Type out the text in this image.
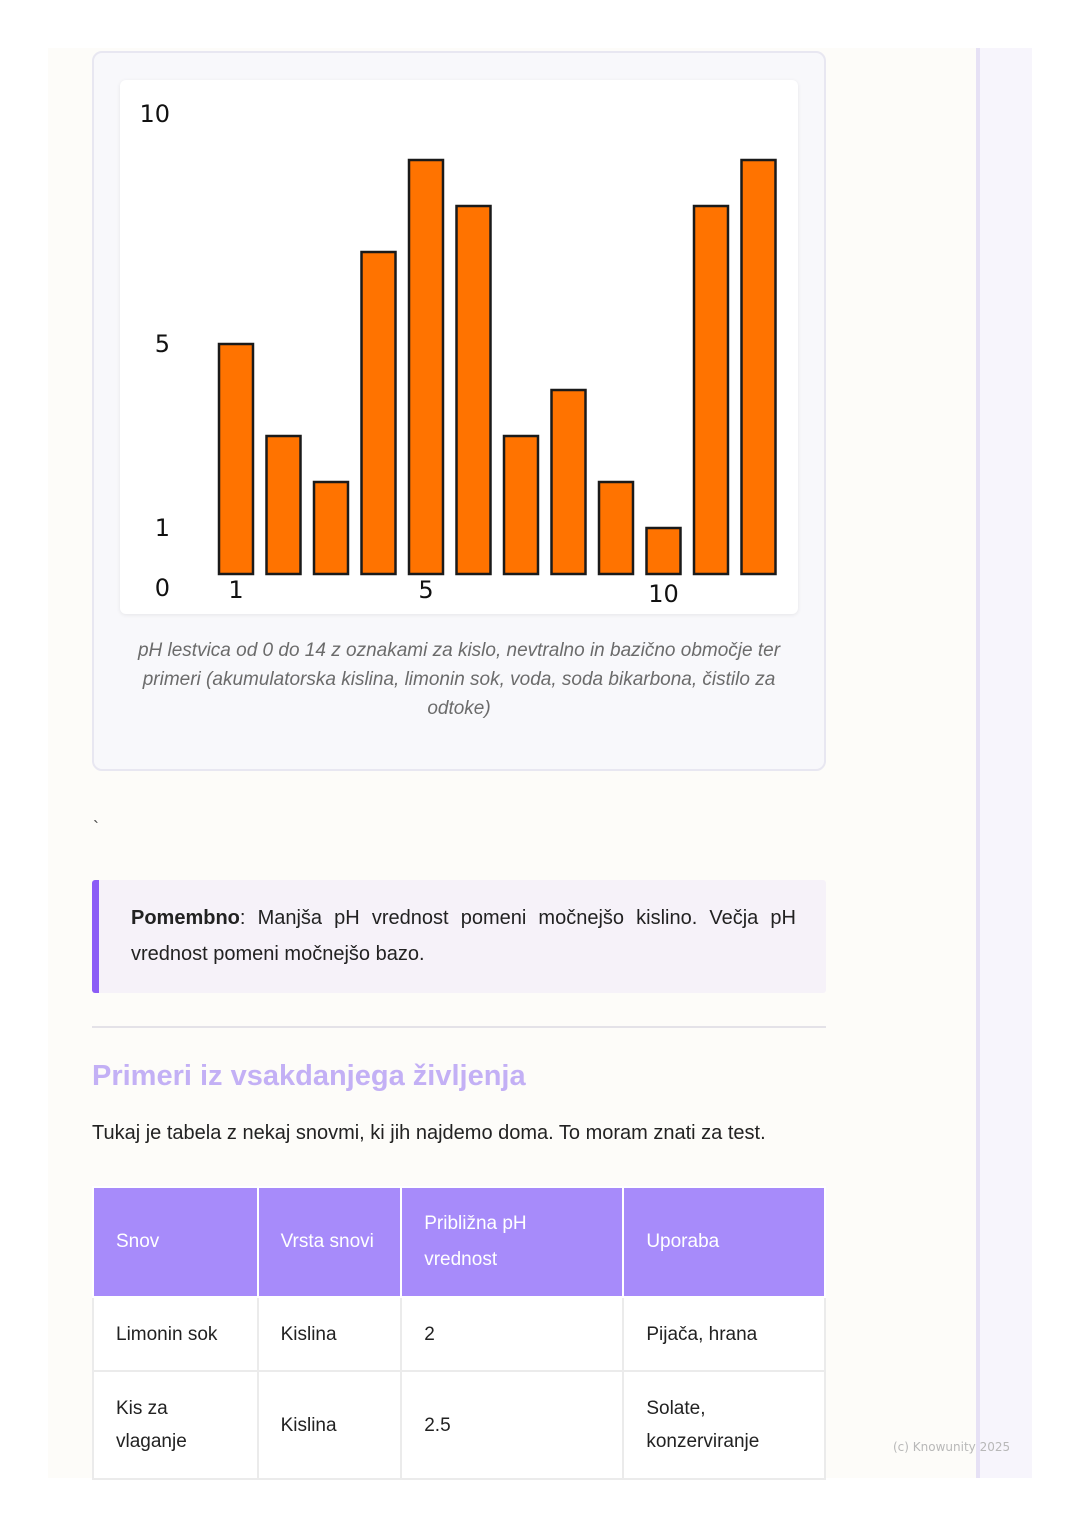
10
5
1
0 1	5	10
pH lestvica od 0 do 14 z oznakami za kislo, nevtralno in bazično območje ter primeri (akumulatorska kislina, limonin sok, voda, soda bikarbona, čistilo za odtoke)
`

Pomembno: Manjša pH vrednost pomeni močnejšo kislino. Večja pH vrednost pomeni močnejšo bazo.

Primeri iz vsakdanjega življenja

Tukaj je tabela z nekaj snovmi, ki jih najdemo doma. To moram znati za test.

Snov	Vrsta snovi	Približna pH vrednost	Uporaba
Limonin sok	Kislina	2	Pijača, hrana
Kis za vlaganje	Kislina	2.5	Solate, konzerviranje	(c) Knowunity 2025
